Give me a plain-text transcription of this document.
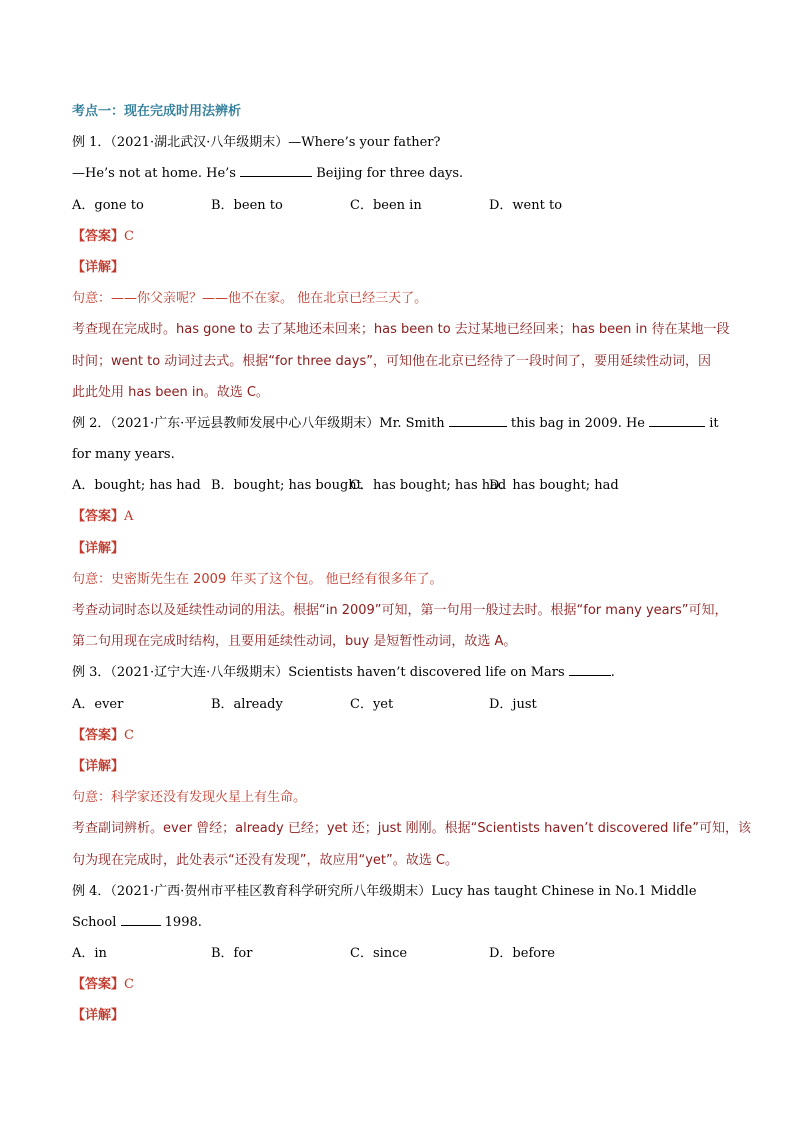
考点一：现在完成时用法辨析
例 1．（2021·湖北武汉·八年级期末）—Where’s your father?
—He’s not at home. He’s	Beijing for three days.
A．gone to	B．been to	C．been in	D．went to
【答案】C
【详解】
句意：——你父亲呢？——他不在家。 他在北京已经三天了。
考查现在完成时。has gone to 去了某地还未回来；has been to 去过某地已经回来；has been in 待在某地一段
时间；went to 动词过去式。根据“for three days”，可知他在北京已经待了一段时间了，要用延续性动词，因
此此处用 has been in。故选 C。
例 2．（2021·广东·平远县教师发展中心八年级期末）Mr. Smith	this bag in 2009. He	it
for many years.
A．bought; has had B．bought; has boughtC．has bought; has hadD．has bought; had
【答案】A
【详解】
句意：史密斯先生在 2009 年买了这个包。 他已经有很多年了。
考查动词时态以及延续性动词的用法。根据“in 2009”可知，第一句用一般过去时。根据“for many years”可知，
第二句用现在完成时结构，且要用延续性动词，buy 是短暂性动词，故选 A。
例 3．（2021·辽宁大连·八年级期末）Scientists haven’t discovered life on Mars	.
A．ever	B．already	C．yet	D．just
【答案】C
【详解】
句意：科学家还没有发现火星上有生命。
考查副词辨析。ever 曾经；already 已经；yet 还；just 刚刚。根据“Scientists haven’t discovered life”可知，该
句为现在完成时，此处表示“还没有发现”，故应用“yet”。故选 C。
例 4．（2021·广西·贺州市平桂区教育科学研究所八年级期末）Lucy has taught Chinese in No.1 Middle
School	1998.
A．in	B．for	C．since	D．before
【答案】C
【详解】
